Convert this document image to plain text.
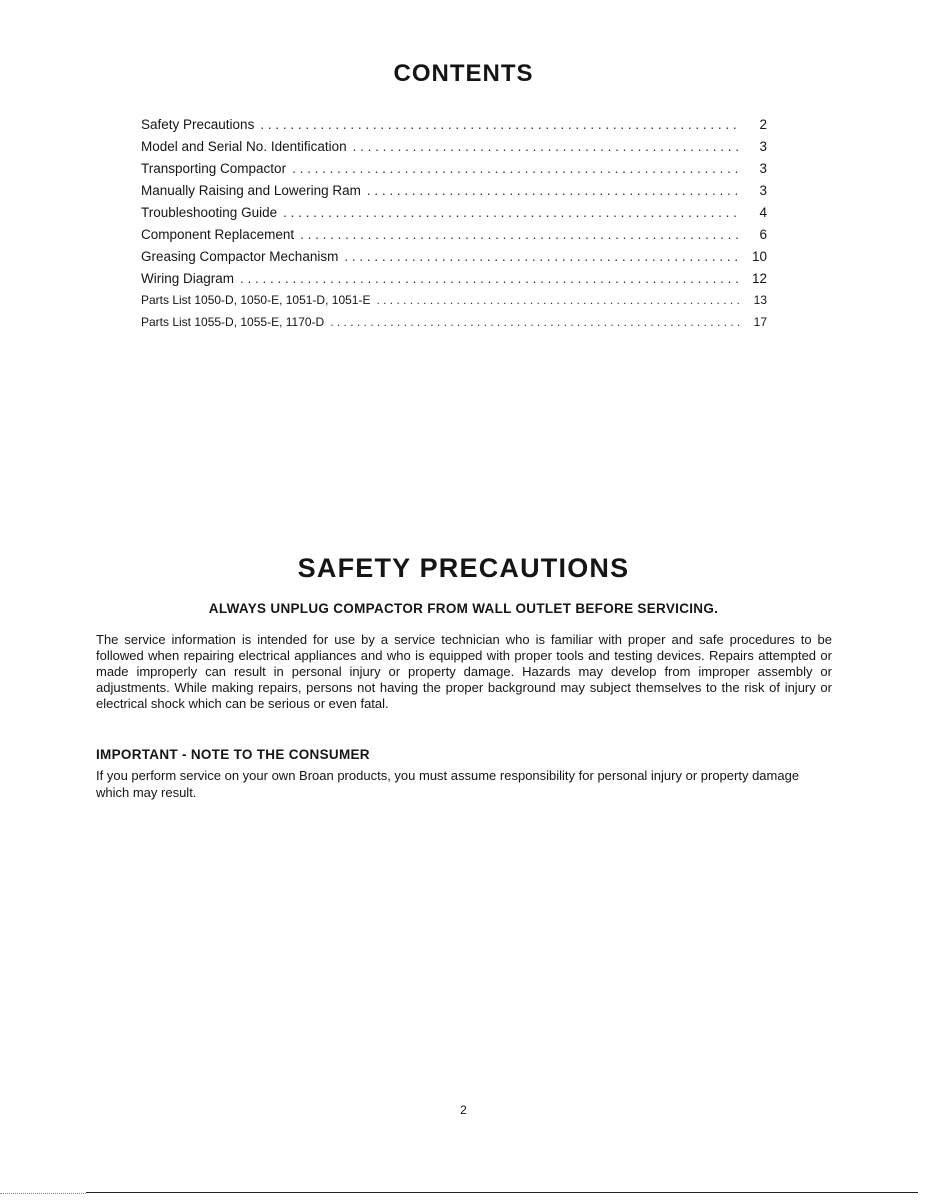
CONTENTS
Safety Precautions . . .	2
Model and Serial No. Identification . . .	3
Transporting Compactor . . .	3
Manually Raising and Lowering Ram . . .	3
Troubleshooting Guide . . .	4
Component Replacement . . .	6
Greasing Compactor Mechanism . . .	10
Wiring Diagram . . .	12
Parts List 1050-D, 1050-E, 1051-D, 1051-E . . .	13
Parts List 1055-D, 1055-E, 1170-D . . .	17
SAFETY PRECAUTIONS
ALWAYS UNPLUG COMPACTOR FROM WALL OUTLET BEFORE SERVICING.

The service information is intended for use by a service technician who is familiar with proper and safe procedures to be followed when repairing electrical appliances and who is equipped with proper tools and testing devices. Repairs attempted or made improperly can result in personal injury or property damage. Hazards may develop from improper assembly or adjustments. While making repairs, persons not having the proper background may subject themselves to the risk of injury or electrical shock which can be serious or even fatal.

IMPORTANT - NOTE TO THE CONSUMER

If you perform service on your own Broan products, you must assume responsibility for personal injury or property damage which may result.

2
